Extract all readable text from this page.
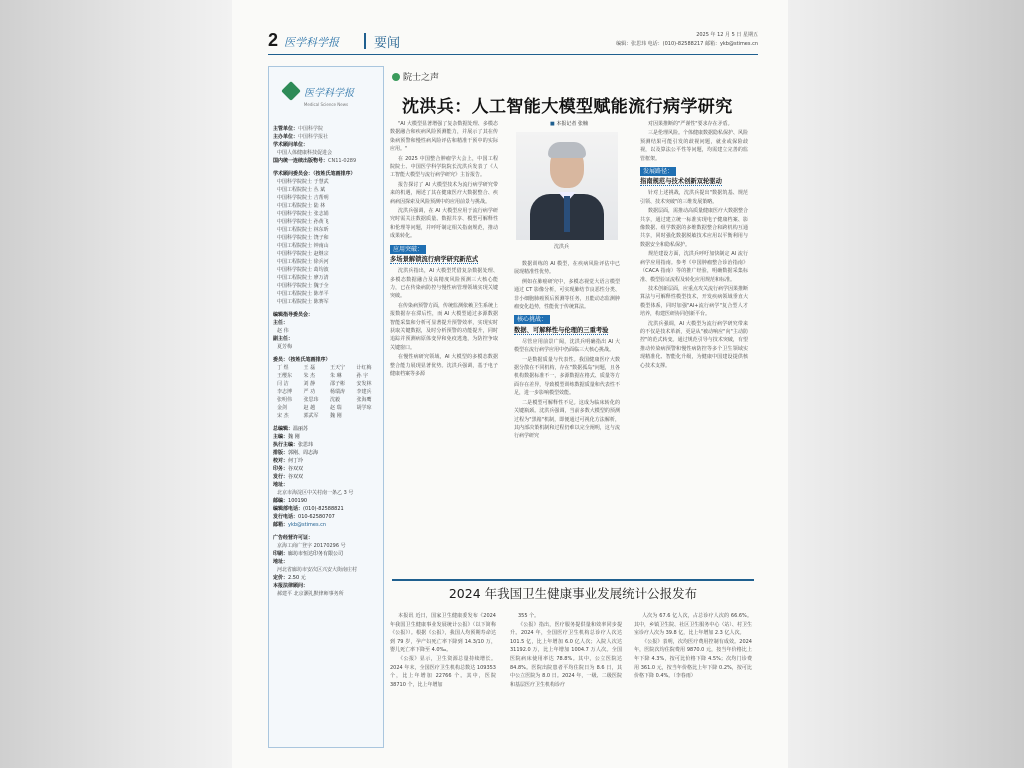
2 医学科学报	要闻
2025 年 12 月 5 日 星期五
编辑：张思玮 电话：(010)-82588217 邮箱：ykb@stimes.cn
医学科学报
Medical Science News
主管单位：中国科学院
主办单位：中国科学报社
学术顾问单位：
中国人体健康科技促进会
国内统一连续出版物号：CN11-0289
学术顾问委员会：（按姓氏笔画排序）
中国科学院院士 于慧武
中国工程院院士 丛 斌
中国科学院院士 吉帮明
中国工程院院士 陆 林
中国科学院院士 张志娟
中国科学院院士 孙黄飞
中国工程院院士 林东昕
中国科学院院士 饶子和
中国工程院院士 钟南山
中国科学院院士 赵继宗
中国工程院院士 徐兵河
中国科学院院士 葛均波
中国工程院院士 廖万清
中国科学院院士 魏于全
中国工程院院士 陈孝平
中国工程院院士 陈赛军
编辑指导委员会：
主任：
赵 伟
副主任：
夏芳梅
委员：（按姓氏笔画排序）
丁 煜	王 磊	王天宁	计红梅
王缨东	朱 杰	朱 琳	孙 宇
闫 洁	刘 静	邵子彬	安发林
李志博	严 功	杨瑞涛	李建兵
张明伟	张思玮	沈毅	张海鹰
金剑	赵 越	赵 瑞	胡学琼
宋 杰	郭武军	魏 刚
总编辑：温丽苏
主编：魏 刚
执行主编：张思玮
排版：郭刚、周志海
校对：何丁玲
印务：谷双双
发行：谷双双
地址：
北京市海淀区中关村南一条乙 3 号
邮编：100190
编辑部电话：(010)-82588821
发行电话：010-62580707
邮箱：ykb@stimes.cn
广告经营许可证：
京海工商广登字 20170296 号
印刷：廊坊市恒达印务有限公司
地址：
河北省廊坊市安次区兴安大街南庄村
定价：2.50 元
本报法律顾问：
郝建平 北京灏礼默律师事务所
院士之声
沈洪兵：人工智能大模型赋能流行病学研究

"AI 大模型显著增强了复杂数据处理、多模态数据融合和疾病风险预测能力，并展示了其在传染病预警和慢性病风险评估和精准干预中的实际应用。"

在 2025 中国整合肿瘤学大会上，中国工程院院士、中国医学科学院院长沈洪兵发表了《人工智能大模型与流行病学研究》主旨报告。

报告探讨了 AI 大模型技术为流行病学研究带来的机遇，阐述了其在健康医疗大数据整合、疾病病因探索及风险预测中的应用前景与挑战。

沈洪兵强调，在 AI 大模型应用于流行病学研究时需关注数据质量、数据共享、模型可解释性和伦理等问题，并呼吁制定相关指南规范，推动成果转化。

应用突破：
多场景解锁流行病学研究新范式

沈洪兵指出，AI 大模型凭借复杂数据处理、多模态数据融合及高精度风险预测三大核心能力，已在传染病防控与慢性病管理领域实现关键突破。

在传染病预警方面，传统监测依赖卫生系统上报数据存在滞后性，而 AI 大模型通过多源数据智能采集和分析可显著提升预警效率，实现实时获取关键数据，及时分析预警的功能提升，同时追踪并预测病原体变异和免疫逃逸，为防控争取关键窗口。

在慢性病研究领域，AI 大模型的多模态数据整合能力展现显著优势。沈洪兵强调，基于电子健康档案等多源

■ 本报记者 张楠
沈洪兵

数据训练的 AI 模型，在疾病风险评估中已展现精准性优势。

例如在肺癌研究中，多模态视觉大语言模型通过 CT 影像分析，可实现肺结节良恶性分类、非小细胞肺癌预后预测等任务，且能动态监测肿瘤变化趋势，性能优于传统算法。

核心挑战：
数据、可解释性与伦理的三重考验

尽管应用前景广阔，沈洪兵明确指出 AI 大模型在流行病学应用中仍面临三大核心挑战。

一是数据质量与代表性。我国健康医疗大数据分散在不同机构，存在"数据孤岛"问题，且各机构数据标准不一，多源数据在格式、质量等方面存在差异，导致模型训练数据质量和代表性不足，进一步影响模型效能。

二是模型可解释性不足。这成为临床转化的关键瓶颈。沈洪兵强调，当前多数大模型的预测过程为"黑箱"机制，即便通过可视化方法解析，其内部决策机制和过程仍难以完全阐明，这与流行病学研究

对因果推断的"严谨性"要求存在矛盾。

三是伦理风险。个体健康数据隐私保护、风险预测结果可能引发的歧视问题，就业或保险歧视，以及算法公平性等问题，均需建立完善的监管框架。

发展路径：
指南规范与技术创新双轮驱动

针对上述挑战，沈洪兵提出"数据筑基、规范引领、技术突破"的三维发展策略。

数据层面，需推动高质量健康医疗大数据整合共享，通过建立统一标准实现电子健康档案、影像数据、组学数据的多维数据整合和跨机构互通共享，同时强化数据脱敏技术应用以平衡利用与数据安全和隐私保护。

规范建设方面，沈洪兵呼吁加快制定 AI 流行病学应用指南。参考《中国肿瘤整合诊治指南》（CACA 指南）等的推广经验，明确数据采集标准、模型验证流程及转化应用规范和标准。

技术创新层面，应重点攻关流行病学因果推断算法与可解释性模型技术，开发疾病领域垂直大模型体系，同时加强"AI+流行病学"复合型人才培养，构建医研协同创新平台。

沈洪兵强调，AI 大模型为流行病学研究带来的不仅是技术革新，更是从"被动响应"向"主动防控"的范式转变。通过规范引导与技术突破，有望推动传染病预警和慢性病防控等多个卫生领域实现精准化、智能化升级，为健康中国建设提供核心技术支撑。

2024 年我国卫生健康事业发展统计公报发布

本报讯 近日，国家卫生健康委发布《2024 年我国卫生健康事业发展统计公报》（以下简称《公报》）。根据《公报》，我国人均预期寿命达到 79 岁，孕产妇死亡率下降到 14.3/10 万，婴儿死亡率下降至 4.0‰。

《公报》显示，卫生资源总量持续增长。2024 年末，全国医疗卫生机构总数达 109353 个，比上年增加 22766 个。其中，医院 38710 个，比上年增加

355 个。

《公报》指出，医疗服务提供量和效率同步提升。2024 年，全国医疗卫生机构总诊疗人次达 101.5 亿，比上年增加 6.0 亿人次；入院人次达 31192.0 万，比上年增加 1004.7 万人次。全国医院病床使用率达 78.8%。其中，公立医院达 84.8%。医院出院患者平均住院日为 8.6 日，其中公立医院为 8.0 日。2024 年，一级、二级医院和基层医疗卫生机构诊疗

人次为 67.6 亿人次，占总诊疗人次的 66.6%。其中，乡镇卫生院、社区卫生服务中心（站）、村卫生室诊疗人次为 39.8 亿，比上年增加 2.3 亿人次。

《公报》表明，次均医疗费用控制有成效。2024 年，医院次均住院费用 9870.0 元，按当年价格比上年下降 4.3%，按可比价格下降 4.5%；次均门诊费用 361.0 元，按当年价格比上年下降 0.2%，按可比价格下降 0.4%。（李春雨）
